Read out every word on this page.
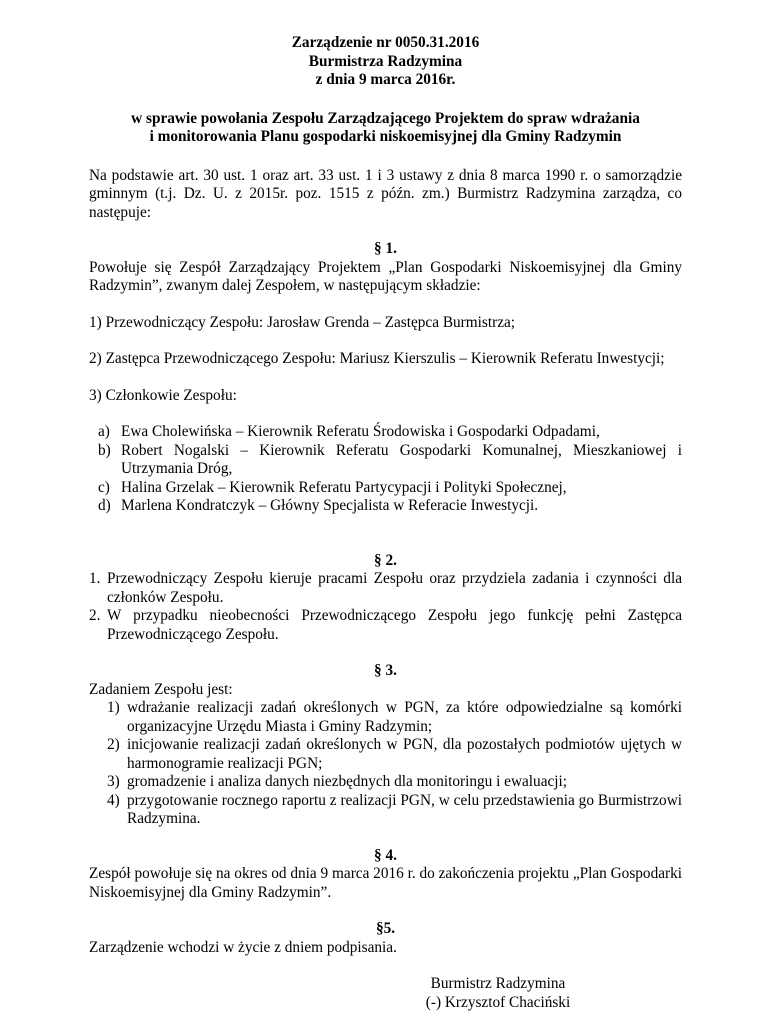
Zarządzenie nr 0050.31.2016

Burmistrza Radzymina

z dnia 9 marca 2016r.

w sprawie powołania Zespołu Zarządzającego Projektem do spraw wdrażania

i monitorowania Planu gospodarki niskoemisyjnej dla Gminy Radzymin

Na podstawie art. 30 ust. 1 oraz art. 33 ust. 1 i 3 ustawy z dnia 8 marca 1990 r. o samorządzie gminnym (t.j. Dz. U. z 2015r. poz. 1515 z późn. zm.) Burmistrz Radzymina zarządza, co następuje:

§ 1.

Powołuje się Zespół Zarządzający Projektem „Plan Gospodarki Niskoemisyjnej dla Gminy Radzymin”, zwanym dalej Zespołem, w następującym składzie:

1) Przewodniczący Zespołu: Jarosław Grenda – Zastępca Burmistrza;

2) Zastępca Przewodniczącego Zespołu: Mariusz Kierszulis – Kierownik Referatu Inwestycji;

3) Członkowie Zespołu:

a) Ewa Cholewińska – Kierownik Referatu Środowiska i Gospodarki Odpadami,
b) Robert Nogalski – Kierownik Referatu Gospodarki Komunalnej, Mieszkaniowej i Utrzymania Dróg,
c) Halina Grzelak – Kierownik Referatu Partycypacji i Polityki Społecznej,
d) Marlena Kondratczyk – Główny Specjalista w Referacie Inwestycji.

§ 2.

1. Przewodniczący Zespołu kieruje pracami Zespołu oraz przydziela zadania i czynności dla członków Zespołu.
2. W przypadku nieobecności Przewodniczącego Zespołu jego funkcję pełni Zastępca Przewodniczącego Zespołu.

§ 3.

Zadaniem Zespołu jest:

1) wdrażanie realizacji zadań określonych w PGN, za które odpowiedzialne są komórki organizacyjne Urzędu Miasta i Gminy Radzymin;
2) inicjowanie realizacji zadań określonych w PGN, dla pozostałych podmiotów ujętych w harmonogramie realizacji PGN;
3) gromadzenie i analiza danych niezbędnych dla monitoringu i ewaluacji;
4) przygotowanie rocznego raportu z realizacji PGN, w celu przedstawienia go Burmistrzowi Radzymina.

§ 4.

Zespół powołuje się na okres od dnia 9 marca 2016 r. do zakończenia projektu „Plan Gospodarki Niskoemisyjnej dla Gminy Radzymin”.

§5.

Zarządzenie wchodzi w życie z dniem podpisania.

Burmistrz Radzymina

(-) Krzysztof Chaciński
